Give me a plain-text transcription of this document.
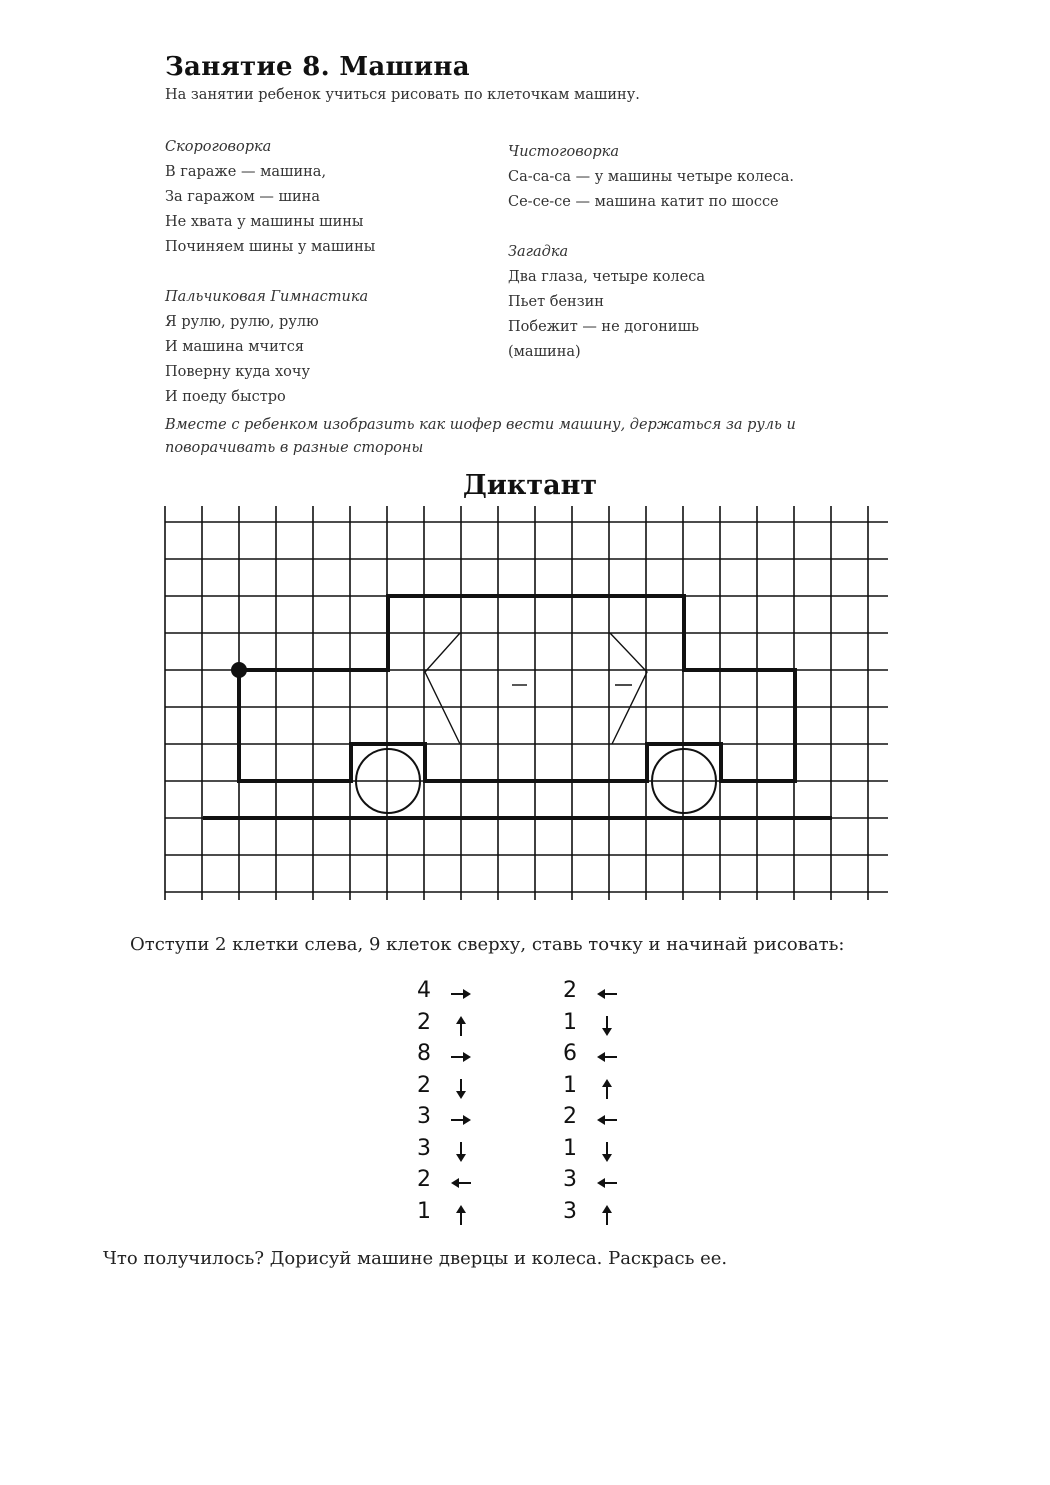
Занятие 8. Машина
На занятии ребенок учиться рисовать по клеточкам машину.
Скороговорка
В гараже — машина,
За гаражом — шина
Не хвата у машины шины
Починяем шины у машины
Пальчиковая Гимнастика
Я рулю, рулю, рулю
И машина мчится
Поверну куда хочу
И поеду быстро
Чистоговорка
Са-са-са — у машины четыре колеса.
Се-се-се — машина катит по шоссе
Загадка
Два глаза, четыре колеса
Пьет бензин
Побежит — не догонишь
(машина)
Вместе с ребенком изобразить как шофер вести машину, держаться за руль и поворачивать в разные стороны
Диктант
Отступи 2 клетки слева, 9 клеток сверху, ставь точку и начинай рисовать:
4
2
8
2
3
3
2
1
2
1
6
1
2
1
3
3
Что получилось? Дорисуй машине дверцы и колеса. Раскрась ее.
